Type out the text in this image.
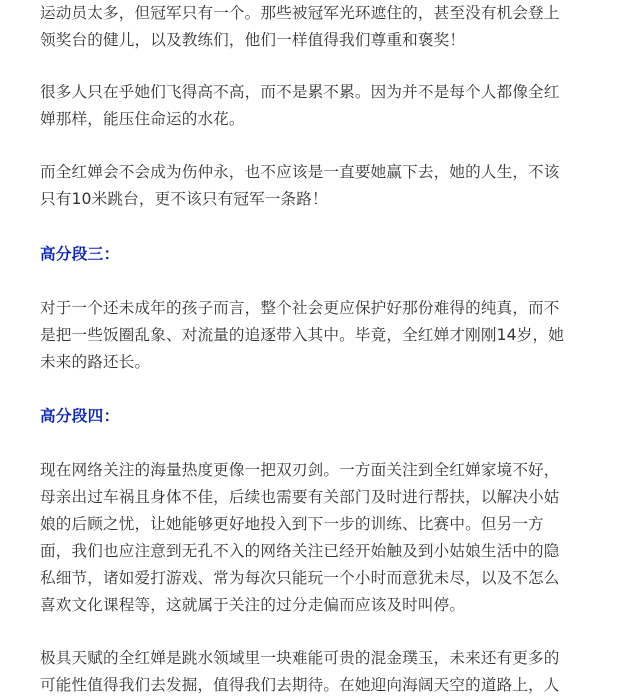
运动员太多，但冠军只有一个。那些被冠军光环遮住的，甚至没有机会登上
领奖台的健儿，以及教练们，他们一样值得我们尊重和褒奖！
很多人只在乎她们飞得高不高，而不是累不累。因为并不是每个人都像全红
婵那样，能压住命运的水花。
而全红婵会不会成为伤仲永，也不应该是一直要她赢下去，她的人生，不该
只有10米跳台，更不该只有冠军一条路！
高分段三：
对于一个还未成年的孩子而言，整个社会更应保护好那份难得的纯真，而不
是把一些饭圈乱象、对流量的追逐带入其中。毕竟，全红婵才刚刚14岁，她
未来的路还长。
高分段四：
现在网络关注的海量热度更像一把双刃剑。一方面关注到全红婵家境不好，
母亲出过车祸且身体不佳，后续也需要有关部门及时进行帮扶，以解决小姑
娘的后顾之忧，让她能够更好地投入到下一步的训练、比赛中。但另一方
面，我们也应注意到无孔不入的网络关注已经开始触及到小姑娘生活中的隐
私细节，诸如爱打游戏、常为每次只能玩一个小时而意犹未尽，以及不怎么
喜欢文化课程等，这就属于关注的过分走偏而应该及时叫停。
极具天赋的全红婵是跳水领域里一块难能可贵的混金璞玉，未来还有更多的
可能性值得我们去发掘，值得我们去期待。在她迎向海阔天空的道路上，人
